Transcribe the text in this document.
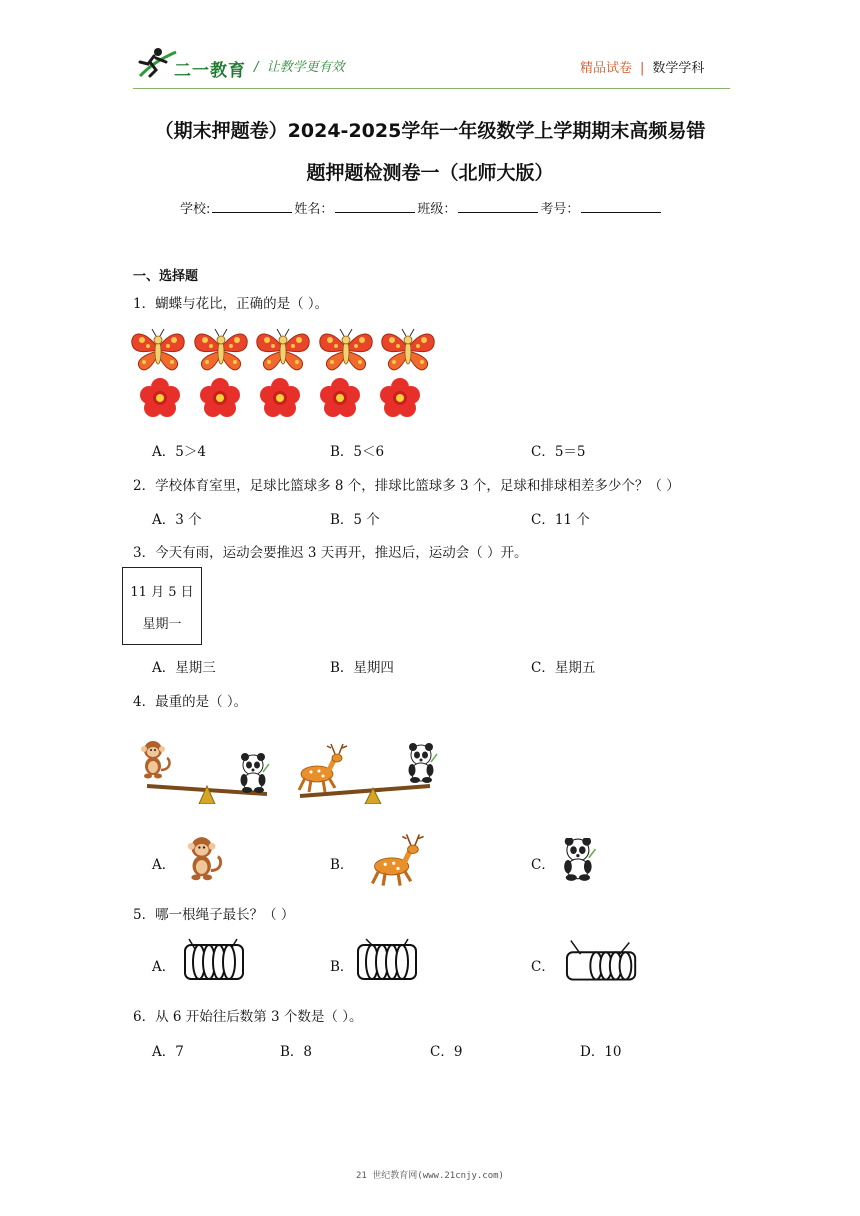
二一教育 /  让教学更有效	精品试卷 | 数学学科
（期末押题卷）2024-2025学年一年级数学上学期期末高频易错
题押题检测卷一（北师大版）
学校:	姓名：	班级：	考号：
一、选择题
1．蝴蝶与花比，正确的是（ ）。
A．5＞4	B．5＜6	C．5＝5
2．学校体育室里，足球比篮球多 8 个，排球比篮球多 3 个，足球和排球相差多少个？（ ）
A．3 个	B．5 个	C．11 个
3．今天有雨，运动会要推迟 3 天再开，推迟后，运动会（ ）开。
11 月 5 日
星期一
A．星期三	B．星期四	C．星期五
4．最重的是（ ）。
A．	B．	C．
5．哪一根绳子最长？（ ）
A．	B．	C．
6．从 6 开始往后数第 3 个数是（ ）。
A．7	B．8	C．9	D．10
21 世纪教育网(www.21cnjy.com)
